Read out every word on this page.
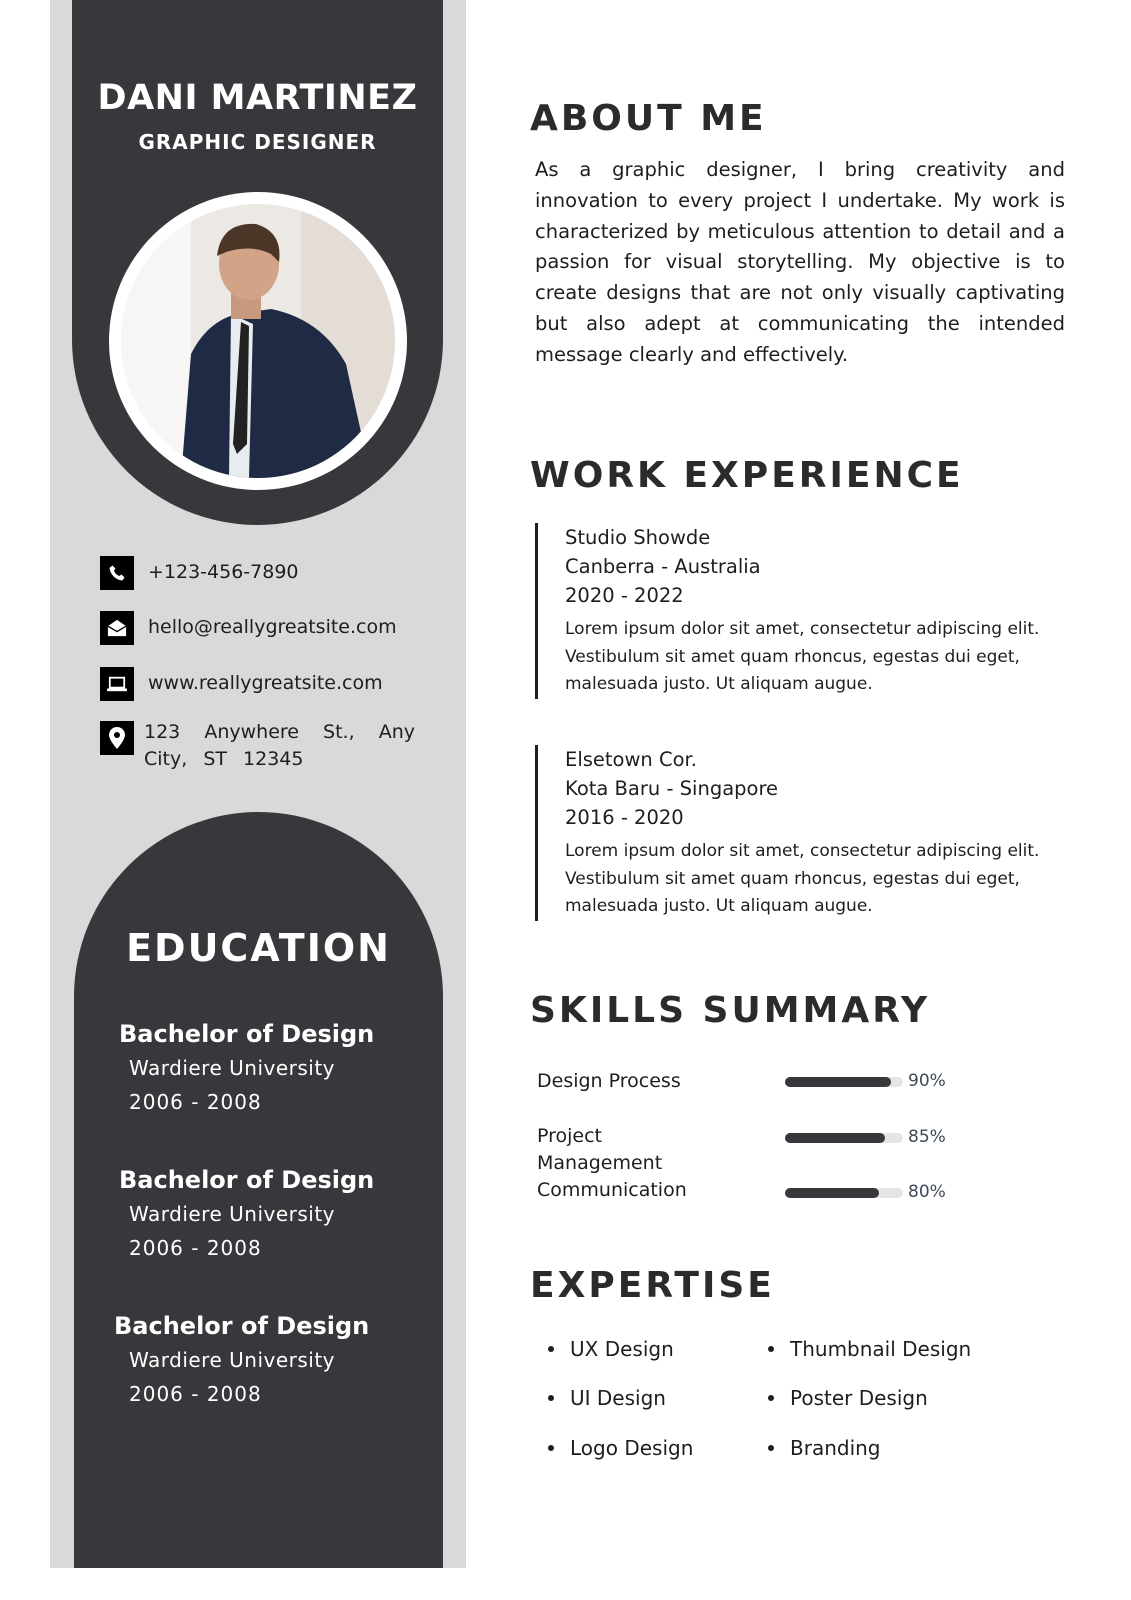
DANI MARTINEZ
GRAPHIC DESIGNER
+123-456-7890
hello@reallygreatsite.com
www.reallygreatsite.com
123 Anywhere St., Any City, ST 12345
EDUCATION
Bachelor of Design
Wardiere University
2006 - 2008
Bachelor of Design
Wardiere University
2006 - 2008
Bachelor of Design
Wardiere University
2006 - 2008
ABOUT ME
As a graphic designer, I bring creativity and innovation to every project I undertake. My work is characterized by meticulous attention to detail and a passion for visual storytelling. My objective is to create designs that are not only visually captivating but also adept at communicating the intended message clearly and effectively.
WORK EXPERIENCE
Studio Showde
Canberra - Australia
2020 - 2022
Lorem ipsum dolor sit amet, consectetur adipiscing elit. Vestibulum sit amet quam rhoncus, egestas dui eget, malesuada justo. Ut aliquam augue.
Elsetown Cor.
Kota Baru - Singapore
2016 - 2020
Lorem ipsum dolor sit amet, consectetur adipiscing elit. Vestibulum sit amet quam rhoncus, egestas dui eget, malesuada justo. Ut aliquam augue.
SKILLS SUMMARY
Design Process	90%
Project Management
85%
Communication	80%
EXPERTISE
UX Design
UI Design
Logo Design
Thumbnail Design
Poster Design
Branding
